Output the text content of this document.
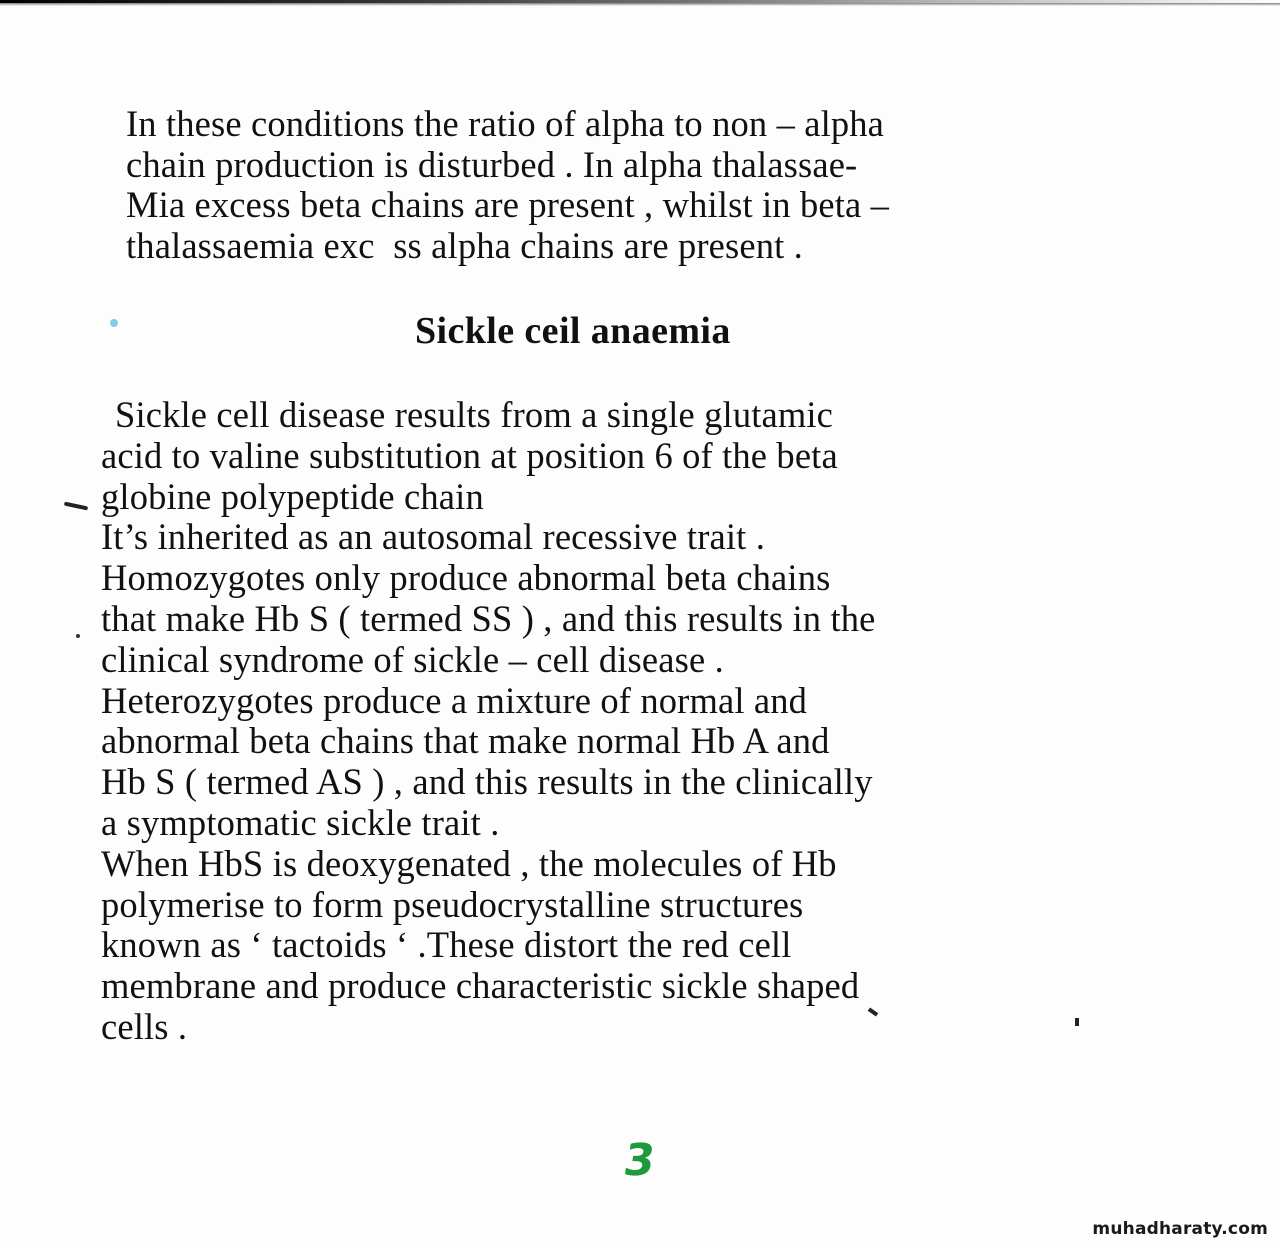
In these conditions the ratio of alpha to non – alpha
chain production is disturbed . In alpha thalassae-
Mia excess beta chains are present , whilst in beta –
thalassaemia exc  ss alpha chains are present .

Sickle ceil anaemia

Sickle cell disease results from a single glutamic
acid to valine substitution at position 6 of the beta
globine polypeptide chain
It’s inherited as an autosomal recessive trait .
Homozygotes only produce abnormal beta chains
that make Hb S ( termed SS ) , and this results in the
clinical syndrome of sickle – cell disease .
Heterozygotes produce a mixture of normal and
abnormal beta chains that make normal Hb A and
Hb S ( termed AS ) , and this results in the clinically
a symptomatic sickle trait .
When HbS is deoxygenated , the molecules of Hb
polymerise to form pseudocrystalline structures
known as ‘ tactoids ‘ .These distort the red cell
membrane and produce characteristic sickle shaped
cells .

3
muhadharaty.com
